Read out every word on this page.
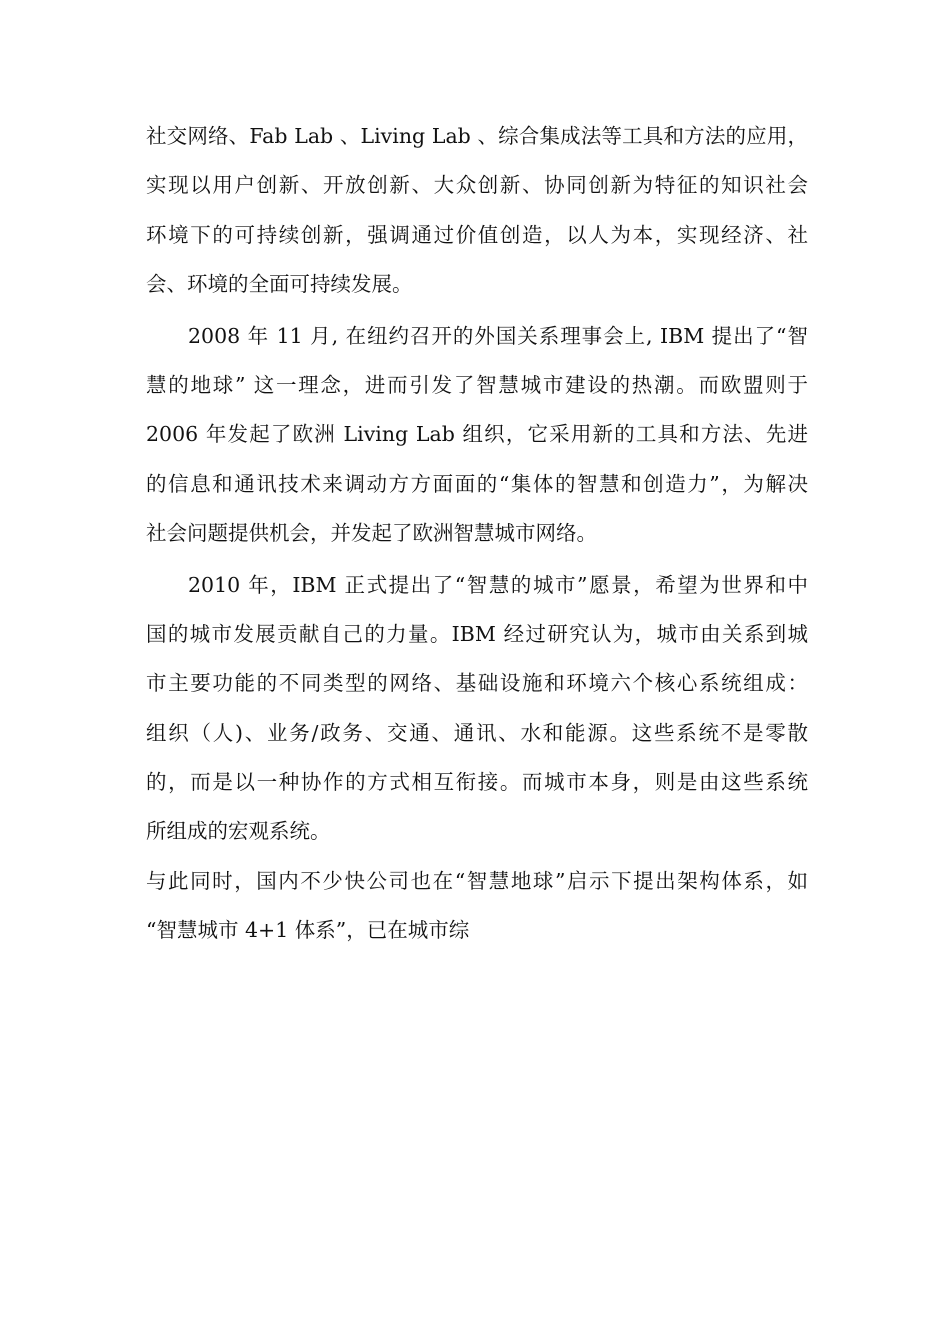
社交网络、Fab Lab 、Living Lab 、综合集成法等工具和方法的应用，
实现以用户创新、开放创新、大众创新、协同创新为特征的知识社会
环境下的可持续创新，强调通过价值创造，以人为本，实现经济、社
会、环境的全面可持续发展。
2008 年 11 月, 在纽约召开的外国关系理事会上, IBM 提出了“智
慧的地球” 这一理念，进而引发了智慧城市建设的热潮。而欧盟则于
2006 年发起了欧洲 Living Lab 组织，它采用新的工具和方法、先进
的信息和通讯技术来调动方方面面的“集体的智慧和创造力”，为解决
社会问题提供机会，并发起了欧洲智慧城市网络。
2010 年，IBM 正式提出了“智慧的城市”愿景，希望为世界和中
国的城市发展贡献自己的力量。IBM 经过研究认为，城市由关系到城
市主要功能的不同类型的网络、基础设施和环境六个核心系统组成：
组织（人)、业务/政务、交通、通讯、水和能源。这些系统不是零散
的，而是以一种协作的方式相互衔接。而城市本身，则是由这些系统
所组成的宏观系统。
与此同时，国内不少快公司也在“智慧地球”启示下提出架构体系，如
“智慧城市 4+1 体系”，已在城市综
